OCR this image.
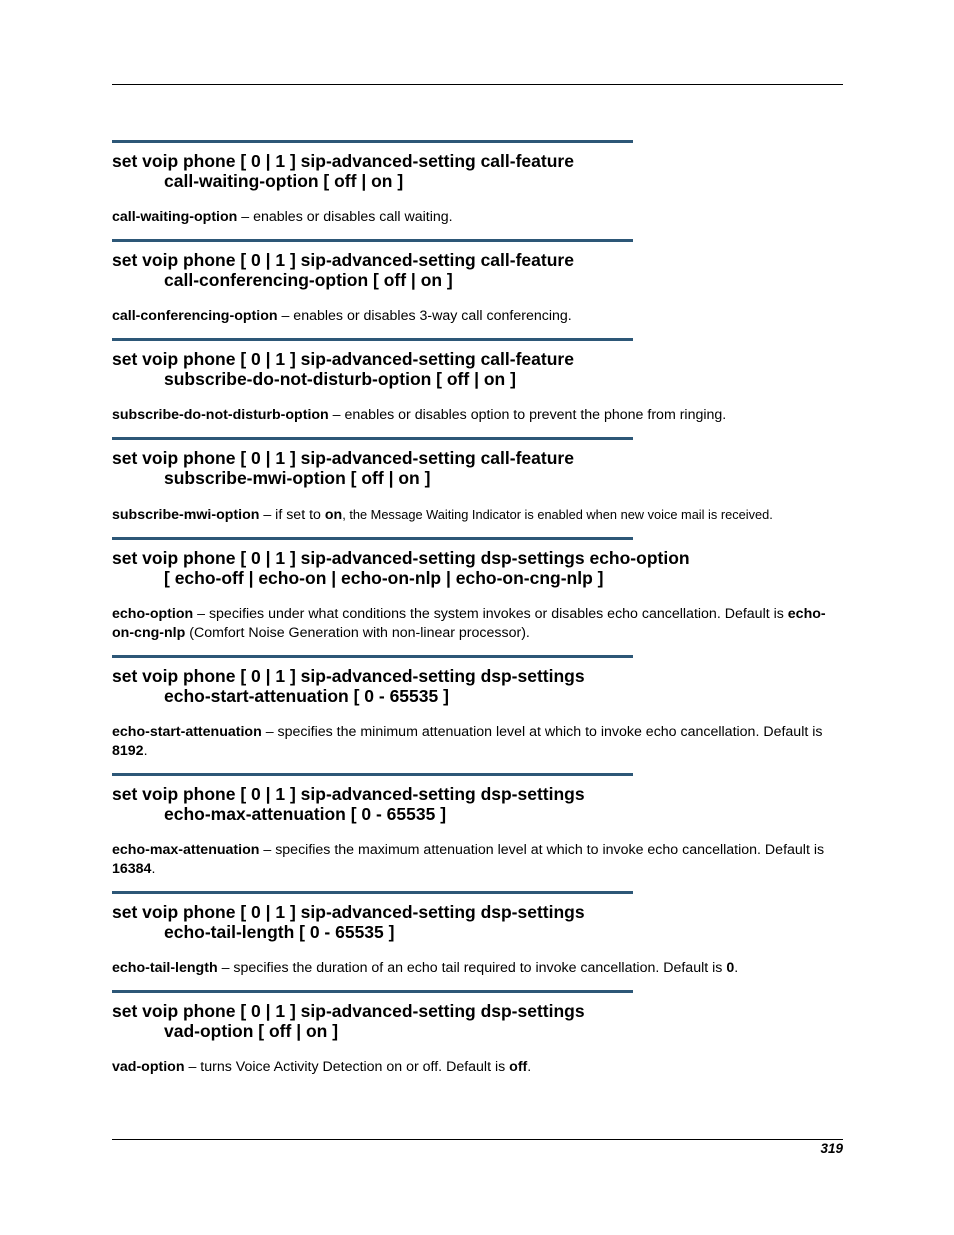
set voip phone [ 0 | 1 ] sip-advanced-setting call-feature

call-waiting-option [ off | on ]

call-waiting-option – enables or disables call waiting.

set voip phone [ 0 | 1 ] sip-advanced-setting call-feature

call-conferencing-option [ off | on ]

call-conferencing-option – enables or disables 3-way call conferencing.

set voip phone [ 0 | 1 ] sip-advanced-setting call-feature

subscribe-do-not-disturb-option [ off | on ]

subscribe-do-not-disturb-option – enables or disables option to prevent the phone from ringing.

set voip phone [ 0 | 1 ] sip-advanced-setting call-feature

subscribe-mwi-option [ off | on ]

subscribe-mwi-option – if set to on, the Message Waiting Indicator is enabled when new voice mail is received.

set voip phone [ 0 | 1 ] sip-advanced-setting dsp-settings echo-option

[ echo-off | echo-on | echo-on-nlp | echo-on-cng-nlp ]

echo-option – specifies under what conditions the system invokes or disables echo cancellation. Default is echo-on-cng-nlp (Comfort Noise Generation with non-linear processor).

set voip phone [ 0 | 1 ] sip-advanced-setting dsp-settings

echo-start-attenuation [ 0 - 65535 ]

echo-start-attenuation – specifies the minimum attenuation level at which to invoke echo cancellation. Default is 8192.

set voip phone [ 0 | 1 ] sip-advanced-setting dsp-settings

echo-max-attenuation [ 0 - 65535 ]

echo-max-attenuation – specifies the maximum attenuation level at which to invoke echo cancellation. Default is 16384.

set voip phone [ 0 | 1 ] sip-advanced-setting dsp-settings

echo-tail-length [ 0 - 65535 ]

echo-tail-length – specifies the duration of an echo tail required to invoke cancellation. Default is 0.

set voip phone [ 0 | 1 ] sip-advanced-setting dsp-settings

vad-option [ off | on ]

vad-option – turns Voice Activity Detection on or off. Default is off.

319
